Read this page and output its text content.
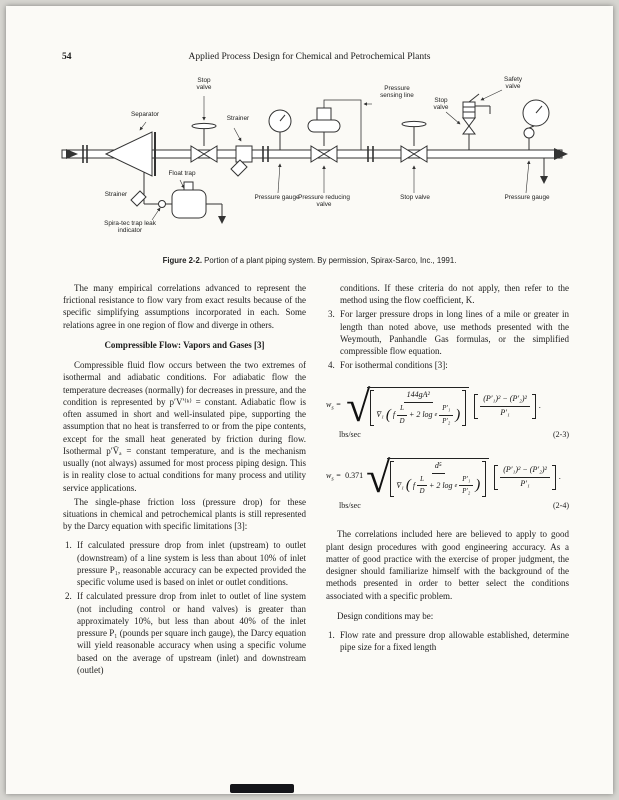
54	Applied Process Design for Chemical and Petrochemical Plants
Stop valve
Separator
Strainer
Pressure sensing line
Safety valve
Stop valve
Float trap
Strainer	Pressure gauge
Pressure reducing valve
Stop valve	Pressure gauge
Spira-tec trap leak indicator
Figure 2-2. Portion of a plant piping system. By permission, Spirax-Sarco, Inc., 1991.

The many empirical correlations advanced to represent the frictional resistance to flow vary from exact results because of the specific simplifying assumptions incorporated in each. Some relations agree in one region of flow and diverge in others.

Compressible Flow: Vapors and Gases [3]

Compressible fluid flow occurs between the two extremes of isothermal and adiabatic conditions. For adiabatic flow the temperature decreases (normally) for decreases in pressure, and the condition is represented by p′V′⁽ᵏ⁾ = constant. Adiabatic flow is often assumed in short and well-insulated pipe, supporting the assumption that no heat is transferred to or from the pipe contents, except for the small heat generated by friction during flow. Isothermal p′V̄ₐ = constant temperature, and is the mechanism usually (not always) assumed for most process piping design. This is in reality close to actual conditions for many process and utility service applications.

The single-phase friction loss (pressure drop) for these situations in chemical and petrochemical plants is still represented by the Darcy equation with specific limitations [3]:

1. If calculated pressure drop from inlet (upstream) to outlet (downstream) of a line system is less than about 10% of inlet pressure P₁, reasonable accuracy can be expected provided the specific volume used is based on inlet or outlet conditions.
2. If calculated pressure drop from inlet to outlet of line system (not including control or hand valves) is greater than approximately 10%, but less than about 40% of the inlet pressure P₁ (pounds per square inch gauge), the Darcy equation will yield reasonable accuracy when using a specific volume based on the average of upstream (inlet) and downstream (outlet)

conditions. If these criteria do not apply, then refer to the method using the flow coefficient, K.

3. For larger pressure drops in long lines of a mile or greater in length than noted above, use methods presented with the Weymouth, Panhandle Gas formulas, or the simplified compressible flow equation.
4. For isothermal conditions [3]:
$w_s$ = √	144gA²
V̄₁ ( f $\frac{L}{D} + 2$ log e $\frac{\text{P′₁}}{\text{P′₂}}$ )	$\frac{\text{(P′₁)² − (P′₂)²}}{\text{P′₁}}$ .
lbs/sec	(2-3)
$w_s = 0.371$ √	d⁵
V̄₁ ( f $\frac{L}{D} + 2$ log e $\frac{\text{P′₁}}{\text{P′₂}}$ )	$\frac{\text{(P′₁)² − (P′₂)²}}{\text{P′₁}}$ .
lbs/sec	(2-4)

The correlations included here are believed to apply to good plant design procedures with good engineering accuracy. As a matter of good practice with the exercise of proper judgment, the designer should familiarize himself with the background of the methods presented in order to better select the conditions associated with a specific problem.

Design conditions may be:

1. Flow rate and pressure drop allowable established, determine pipe size for a fixed length
